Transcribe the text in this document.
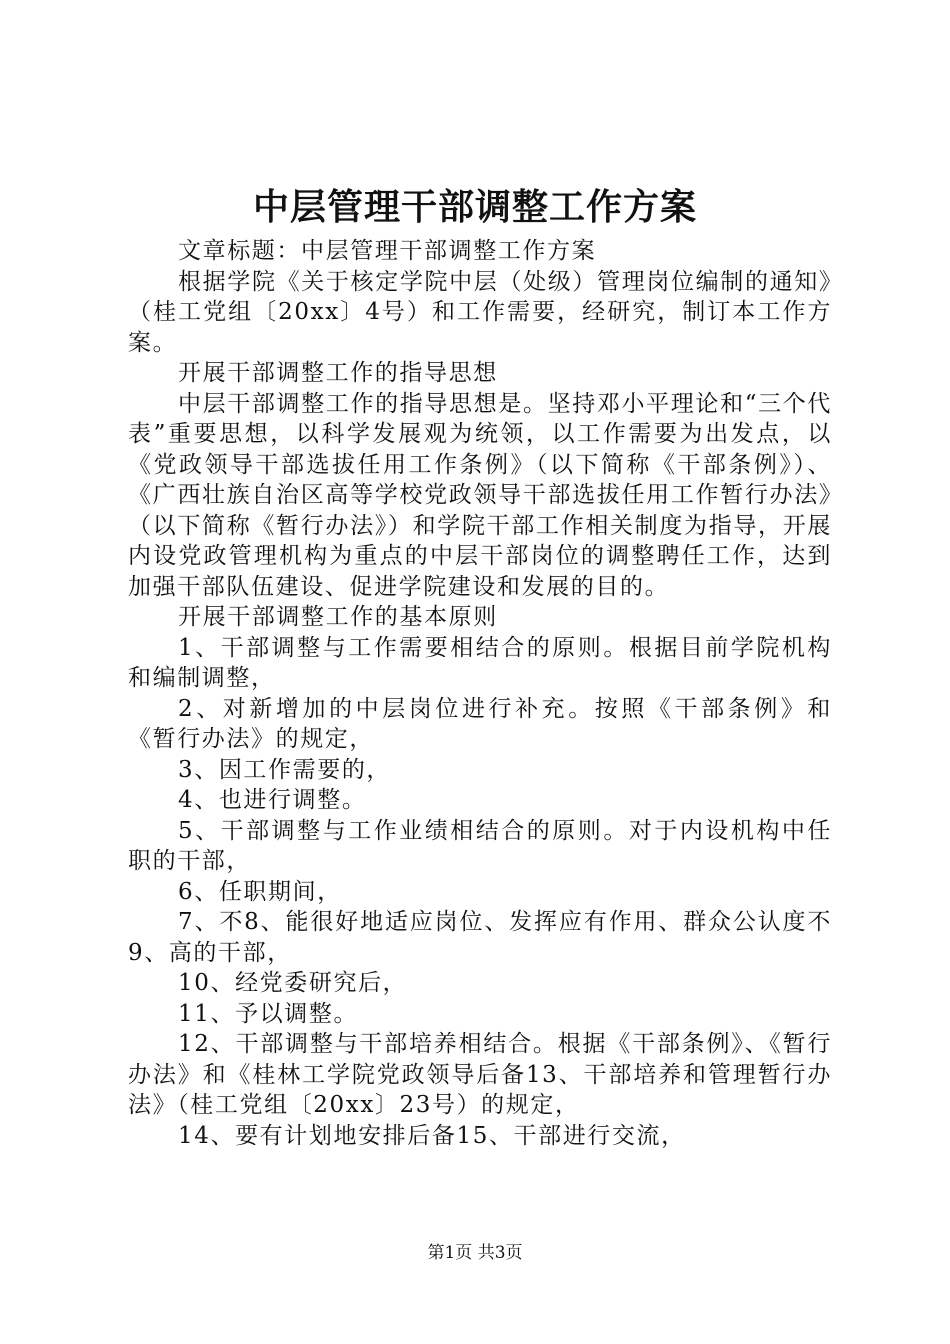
中层管理干部调整工作方案

文章标题：中层管理干部调整工作方案

根据学院《关于核定学院中层（处级）管理岗位编制的通知》（桂工党组〔20xx〕4号）和工作需要，经研究，制订本工作方案。

开展干部调整工作的指导思想

中层干部调整工作的指导思想是。坚持邓小平理论和“三个代表”重要思想，以科学发展观为统领，以工作需要为出发点，以《党政领导干部选拔任用工作条例》（以下简称《干部条例》）、《广西壮族自治区高等学校党政领导干部选拔任用工作暂行办法》（以下简称《暂行办法》）和学院干部工作相关制度为指导，开展内设党政管理机构为重点的中层干部岗位的调整聘任工作，达到加强干部队伍建设、促进学院建设和发展的目的。

开展干部调整工作的基本原则

1、干部调整与工作需要相结合的原则。根据目前学院机构和编制调整，

2、对新增加的中层岗位进行补充。按照《干部条例》和《暂行办法》的规定，

3、因工作需要的，

4、也进行调整。

5、干部调整与工作业绩相结合的原则。对于内设机构中任职的干部，

6、任职期间，

7、不8、能很好地适应岗位、发挥应有作用、群众公认度不9、高的干部，

10、经党委研究后，

11、予以调整。

12、干部调整与干部培养相结合。根据《干部条例》、《暂行办法》和《桂林工学院党政领导后备13、干部培养和管理暂行办法》（桂工党组〔20xx〕23号）的规定，

14、要有计划地安排后备15、干部进行交流，

第1页 共3页
